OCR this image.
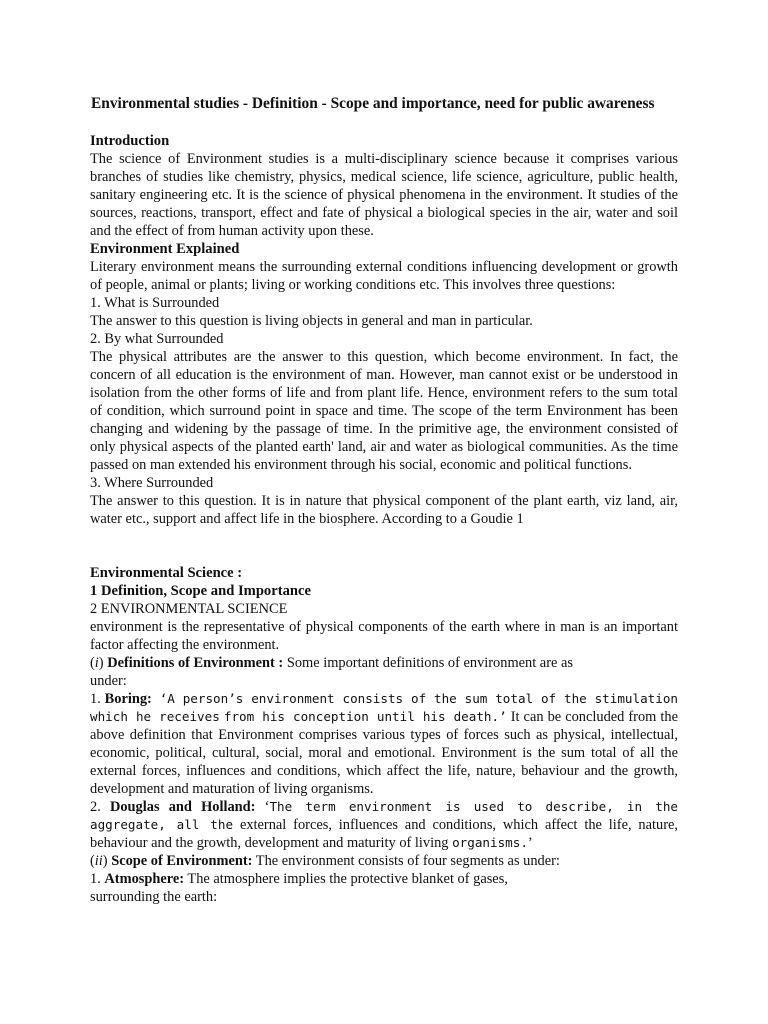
Environmental studies - Definition - Scope and importance, need for public awareness
Introduction

The science of Environment studies is a multi-disciplinary science because it comprises various branches of studies like chemistry, physics, medical science, life science, agriculture, public health, sanitary engineering etc. It is the science of physical phenomena in the environment. It studies of the sources, reactions, transport, effect and fate of physical a biological species in the air, water and soil and the effect of from human activity upon these.

Environment Explained

Literary environment means the surrounding external conditions influencing development or growth of people, animal or plants; living or working conditions etc. This involves three questions:

1. What is Surrounded
The answer to this question is living objects in general and man in particular.
2. By what Surrounded

The physical attributes are the answer to this question, which become environment. In fact, the concern of all education is the environment of man. However, man cannot exist or be understood in isolation from the other forms of life and from plant life. Hence, environment refers to the sum total of condition, which surround point in space and time. The scope of the term Environment has been changing and widening by the passage of time. In the primitive age, the environment consisted of only physical aspects of the planted earth' land, air and water as biological communities. As the time passed on man extended his environment through his social, economic and political functions.

3. Where Surrounded

The answer to this question. It is in nature that physical component of the plant earth, viz land, air, water etc., support and affect life in the biosphere. According to a Goudie 1

Environmental Science :
1 Definition, Scope and Importance
2 ENVIRONMENTAL SCIENCE

environment is the representative of physical components of the earth where in man is an important factor affecting the environment.

(i) Definitions of Environment : Some important definitions of environment are as
under:

1. Boring: ‘A person’s environment consists of the sum total of the stimulation which he receives from his conception until his death.’ It can be concluded from the above definition that Environment comprises various types of forces such as physical, intellectual, economic, political, cultural, social, moral and emotional. Environment is the sum total of all the external forces, influences and conditions, which affect the life, nature, behaviour and the growth, development and maturation of living organisms.

2. Douglas and Holland: ‘The term environment is used to describe, in the aggregate, all the external forces, influences and conditions, which affect the life, nature, behaviour and the growth, development and maturity of living organisms.’

(ii) Scope of Environment: The environment consists of four segments as under:
1. Atmosphere: The atmosphere implies the protective blanket of gases,
surrounding the earth:
